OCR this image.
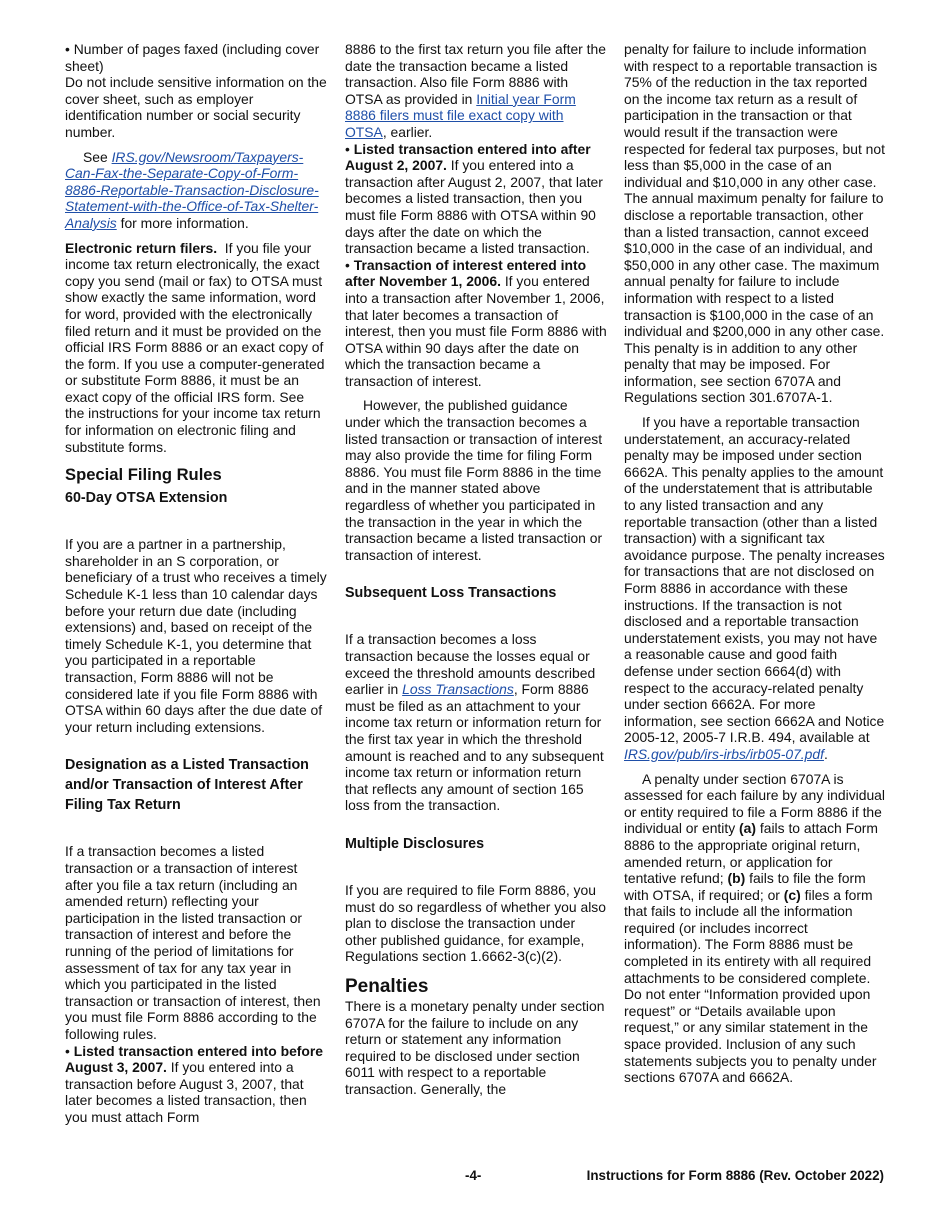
• Number of pages faxed (including cover sheet)

Do not include sensitive information on the cover sheet, such as employer identification number or social security number.

See IRS.gov/Newsroom/Taxpayers-Can-Fax-the-Separate-Copy-of-Form-8886-Reportable-Transaction-Disclosure-Statement-with-the-Office-of-Tax-Shelter-Analysis for more information.

Electronic return filers. If you file your income tax return electronically, the exact copy you send (mail or fax) to OTSA must show exactly the same information, word for word, provided with the electronically filed return and it must be provided on the official IRS Form 8886 or an exact copy of the form. If you use a computer-generated or substitute Form 8886, it must be an exact copy of the official IRS form. See the instructions for your income tax return for information on electronic filing and substitute forms.

Special Filing Rules
60-Day OTSA Extension

If you are a partner in a partnership, shareholder in an S corporation, or beneficiary of a trust who receives a timely Schedule K-1 less than 10 calendar days before your return due date (including extensions) and, based on receipt of the timely Schedule K-1, you determine that you participated in a reportable transaction, Form 8886 will not be considered late if you file Form 8886 with OTSA within 60 days after the due date of your return including extensions.

Designation as a Listed Transaction and/or Transaction of Interest After Filing Tax Return

If a transaction becomes a listed transaction or a transaction of interest after you file a tax return (including an amended return) reflecting your participation in the listed transaction or transaction of interest and before the running of the period of limitations for assessment of tax for any tax year in which you participated in the listed transaction or transaction of interest, then you must file Form 8886 according to the following rules.

• Listed transaction entered into before August 3, 2007. If you entered into a transaction before August 3, 2007, that later becomes a listed transaction, then you must attach Form

8886 to the first tax return you file after the date the transaction became a listed transaction. Also file Form 8886 with OTSA as provided in Initial year Form 8886 filers must file exact copy with OTSA, earlier.

• Listed transaction entered into after August 2, 2007. If you entered into a transaction after August 2, 2007, that later becomes a listed transaction, then you must file Form 8886 with OTSA within 90 days after the date on which the transaction became a listed transaction.

• Transaction of interest entered into after November 1, 2006. If you entered into a transaction after November 1, 2006, that later becomes a transaction of interest, then you must file Form 8886 with OTSA within 90 days after the date on which the transaction became a transaction of interest.

However, the published guidance under which the transaction becomes a listed transaction or transaction of interest may also provide the time for filing Form 8886. You must file Form 8886 in the time and in the manner stated above regardless of whether you participated in the transaction in the year in which the transaction became a listed transaction or transaction of interest.

Subsequent Loss Transactions

If a transaction becomes a loss transaction because the losses equal or exceed the threshold amounts described earlier in Loss Transactions, Form 8886 must be filed as an attachment to your income tax return or information return for the first tax year in which the threshold amount is reached and to any subsequent income tax return or information return that reflects any amount of section 165 loss from the transaction.

Multiple Disclosures

If you are required to file Form 8886, you must do so regardless of whether you also plan to disclose the transaction under other published guidance, for example, Regulations section 1.6662-3(c)(2).

Penalties

There is a monetary penalty under section 6707A for the failure to include on any return or statement any information required to be disclosed under section 6011 with respect to a reportable transaction. Generally, the

penalty for failure to include information with respect to a reportable transaction is 75% of the reduction in the tax reported on the income tax return as a result of participation in the transaction or that would result if the transaction were respected for federal tax purposes, but not less than $5,000 in the case of an individual and $10,000 in any other case. The annual maximum penalty for failure to disclose a reportable transaction, other than a listed transaction, cannot exceed $10,000 in the case of an individual, and $50,000 in any other case. The maximum annual penalty for failure to include information with respect to a listed transaction is $100,000 in the case of an individual and $200,000 in any other case. This penalty is in addition to any other penalty that may be imposed. For information, see section 6707A and Regulations section 301.6707A-1.

If you have a reportable transaction understatement, an accuracy-related penalty may be imposed under section 6662A. This penalty applies to the amount of the understatement that is attributable to any listed transaction and any reportable transaction (other than a listed transaction) with a significant tax avoidance purpose. The penalty increases for transactions that are not disclosed on Form 8886 in accordance with these instructions. If the transaction is not disclosed and a reportable transaction understatement exists, you may not have a reasonable cause and good faith defense under section 6664(d) with respect to the accuracy-related penalty under section 6662A. For more information, see section 6662A and Notice 2005-12, 2005-7 I.R.B. 494, available at IRS.gov/pub/irs-irbs/irb05-07.pdf.

A penalty under section 6707A is assessed for each failure by any individual or entity required to file a Form 8886 if the individual or entity (a) fails to attach Form 8886 to the appropriate original return, amended return, or application for tentative refund; (b) fails to file the form with OTSA, if required; or (c) files a form that fails to include all the information required (or includes incorrect information). The Form 8886 must be completed in its entirety with all required attachments to be considered complete. Do not enter “Information provided upon request” or “Details available upon request,” or any similar statement in the space provided. Inclusion of any such statements subjects you to penalty under sections 6707A and 6662A.

-4-	Instructions for Form 8886 (Rev. October 2022)
